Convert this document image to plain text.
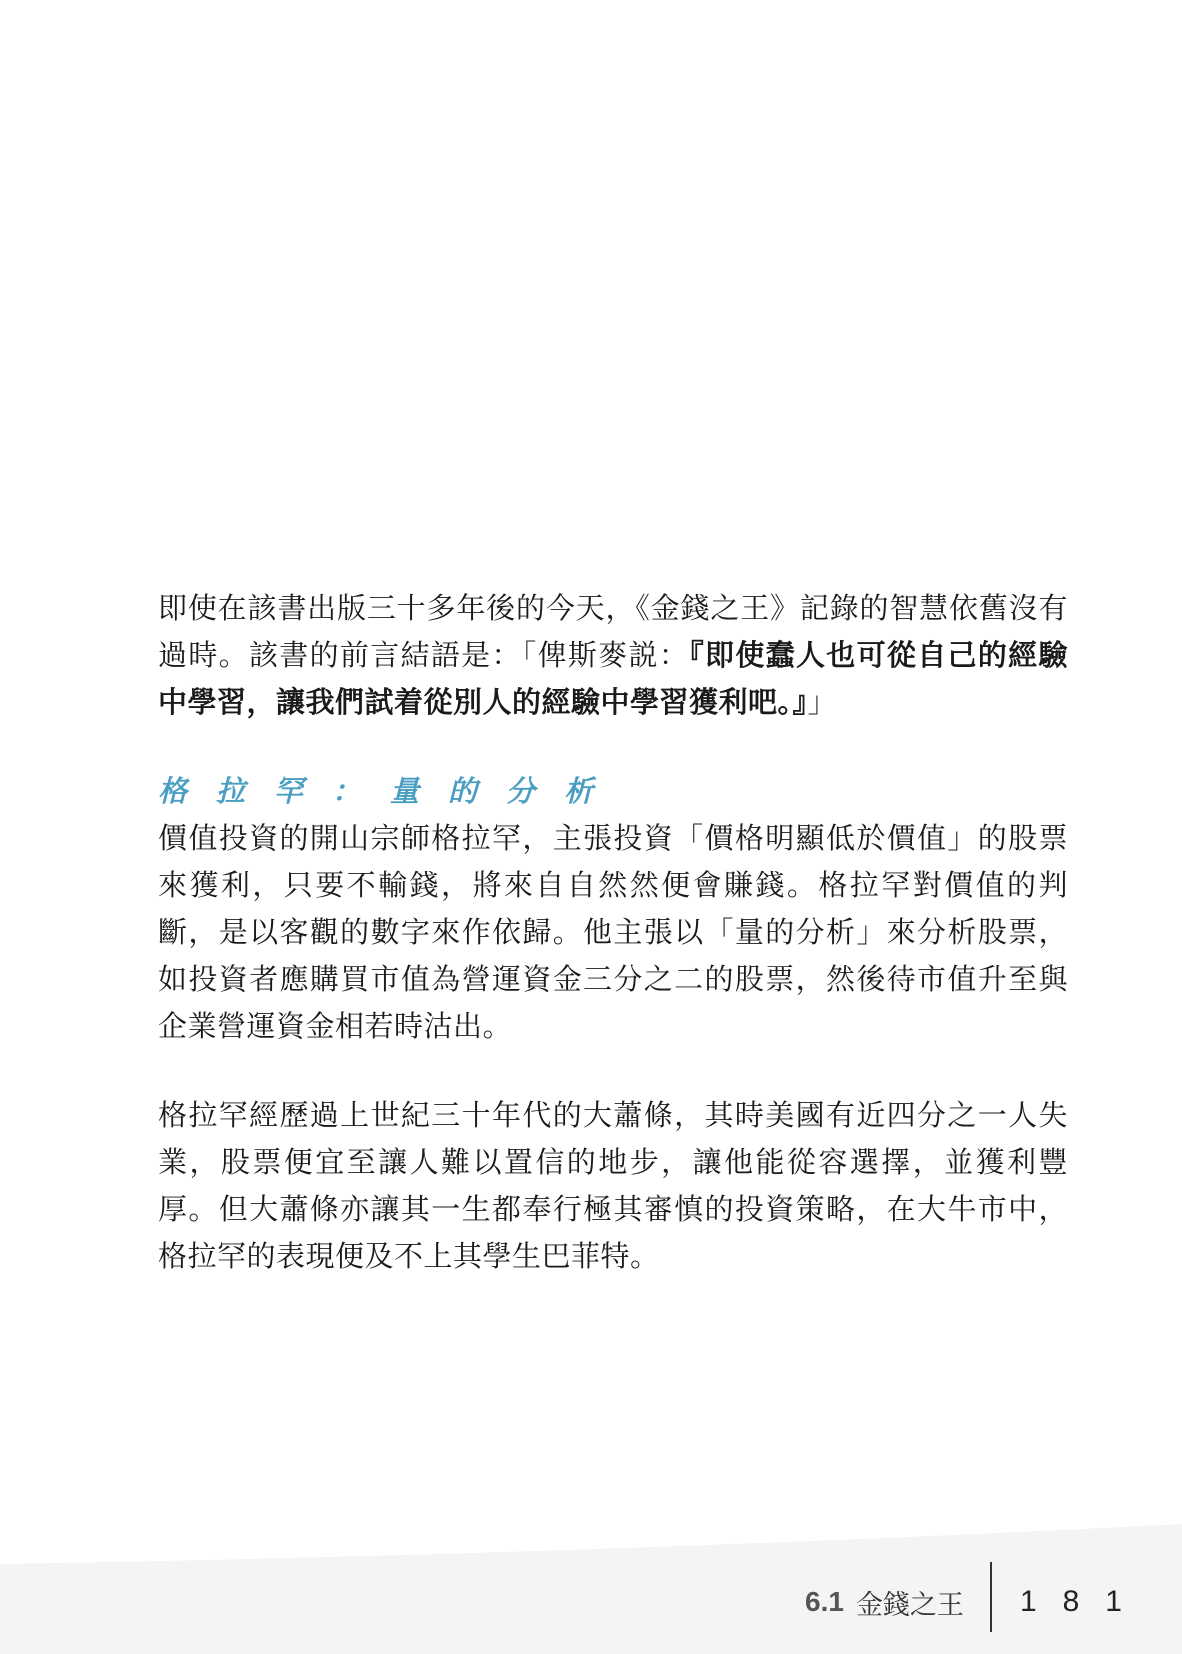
即使在該書出版三十多年後的今天，《金錢之王》記錄的智慧依舊沒有過時。該書的前言結語是：「俾斯麥説：『即使蠢人也可從自己的經驗中學習，讓我們試着從別人的經驗中學習獲利吧。』」

格拉罕：量的分析

價值投資的開山宗師格拉罕，主張投資「價格明顯低於價值」的股票來獲利，只要不輸錢，將來自自然然便會賺錢。格拉罕對價值的判斷，是以客觀的數字來作依歸。他主張以「量的分析」來分析股票，如投資者應購買市值為營運資金三分之二的股票，然後待市值升至與企業營運資金相若時沽出。

格拉罕經歷過上世紀三十年代的大蕭條，其時美國有近四分之一人失業，股票便宜至讓人難以置信的地步，讓他能從容選擇，並獲利豐厚。但大蕭條亦讓其一生都奉行極其審慎的投資策略，在大牛市中，格拉罕的表現便及不上其學生巴菲特。

6.1 金錢之王 181
